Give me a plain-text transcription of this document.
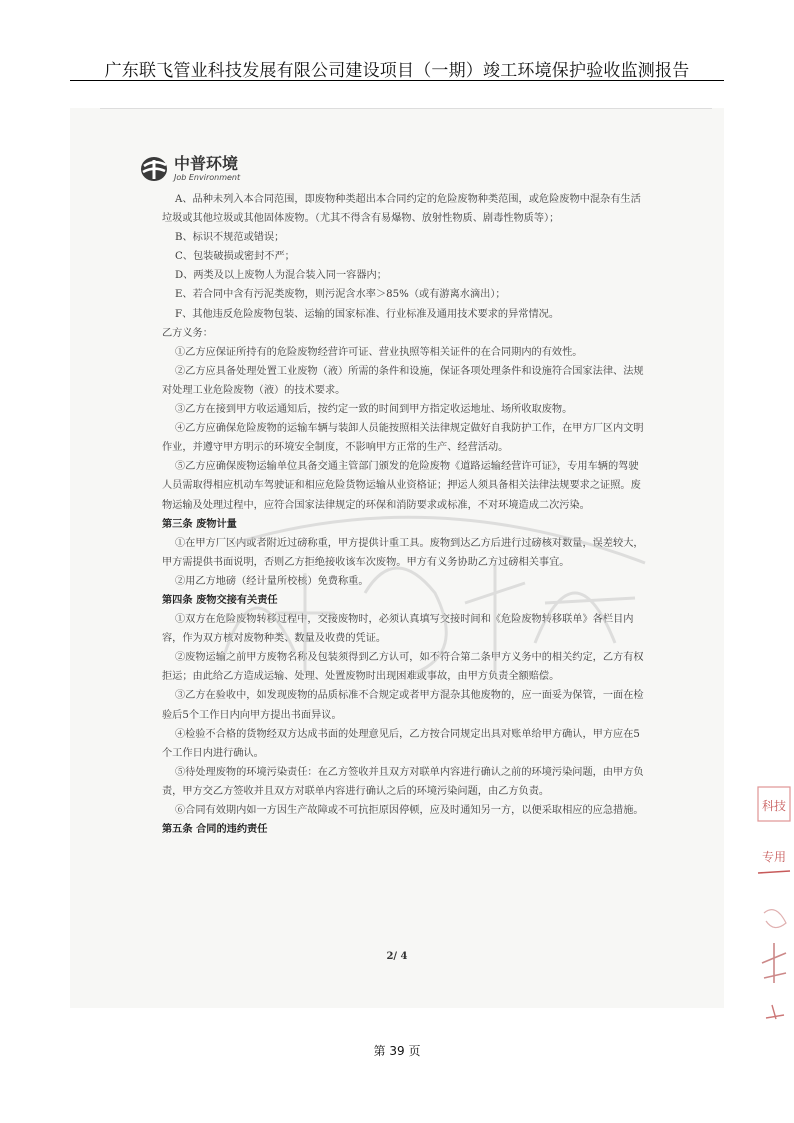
广东联飞管业科技发展有限公司建设项目（一期）竣工环境保护验收监测报告
中普环境
Job Environment

A、品种未列入本合同范围，即废物种类超出本合同约定的危险废物种类范围，或危险废物中混杂有生活垃圾或其他垃圾或其他固体废物。（尤其不得含有易爆物、放射性物质、剧毒性物质等）；

B、标识不规范或错误；

C、包装破损或密封不严；

D、两类及以上废物人为混合装入同一容器内；

E、若合同中含有污泥类废物，则污泥含水率＞85%（或有游离水滴出）；

F、其他违反危险废物包装、运输的国家标准、行业标准及通用技术要求的异常情况。

乙方义务：

①乙方应保证所持有的危险废物经营许可证、营业执照等相关证件的在合同期内的有效性。

②乙方应具备处理处置工业废物（液）所需的条件和设施，保证各项处理条件和设施符合国家法律、法规对处理工业危险废物（液）的技术要求。

③乙方在接到甲方收运通知后，按约定一致的时间到甲方指定收运地址、场所收取废物。

④乙方应确保危险废物的运输车辆与装卸人员能按照相关法律规定做好自我防护工作，在甲方厂区内文明作业，并遵守甲方明示的环境安全制度，不影响甲方正常的生产、经营活动。

⑤乙方应确保废物运输单位具备交通主管部门颁发的危险废物《道路运输经营许可证》，专用车辆的驾驶人员需取得相应机动车驾驶证和相应危险货物运输从业资格证；押运人须具备相关法律法规要求之证照。废物运输及处理过程中，应符合国家法律规定的环保和消防要求或标准，不对环境造成二次污染。

第三条 废物计量

①在甲方厂区内或者附近过磅称重，甲方提供计重工具。废物到达乙方后进行过磅核对数量，误差较大，甲方需提供书面说明，否则乙方拒绝接收该车次废物。甲方有义务协助乙方过磅相关事宜。

②用乙方地磅（经计量所校核）免费称重。

第四条 废物交接有关责任

①双方在危险废物转移过程中，交接废物时，必须认真填写交接时间和《危险废物转移联单》各栏目内容，作为双方核对废物种类、数量及收费的凭证。

②废物运输之前甲方废物名称及包装须得到乙方认可，如不符合第二条甲方义务中的相关约定，乙方有权拒运；由此给乙方造成运输、处理、处置废物时出现困难或事故，由甲方负责全额赔偿。

③乙方在验收中，如发现废物的品质标准不合规定或者甲方混杂其他废物的，应一面妥为保管，一面在检验后5个工作日内向甲方提出书面异议。

④检验不合格的货物经双方达成书面的处理意见后，乙方按合同规定出具对账单给甲方确认，甲方应在5个工作日内进行确认。

⑤待处理废物的环境污染责任：在乙方签收并且双方对联单内容进行确认之前的环境污染问题，由甲方负责，甲方交乙方签收并且双方对联单内容进行确认之后的环境污染问题，由乙方负责。

⑥合同有效期内如一方因生产故障或不可抗拒原因停顿，应及时通知另一方，以便采取相应的应急措施。

第五条 合同的违约责任

科技
专用
2/ 4
第 39 页
